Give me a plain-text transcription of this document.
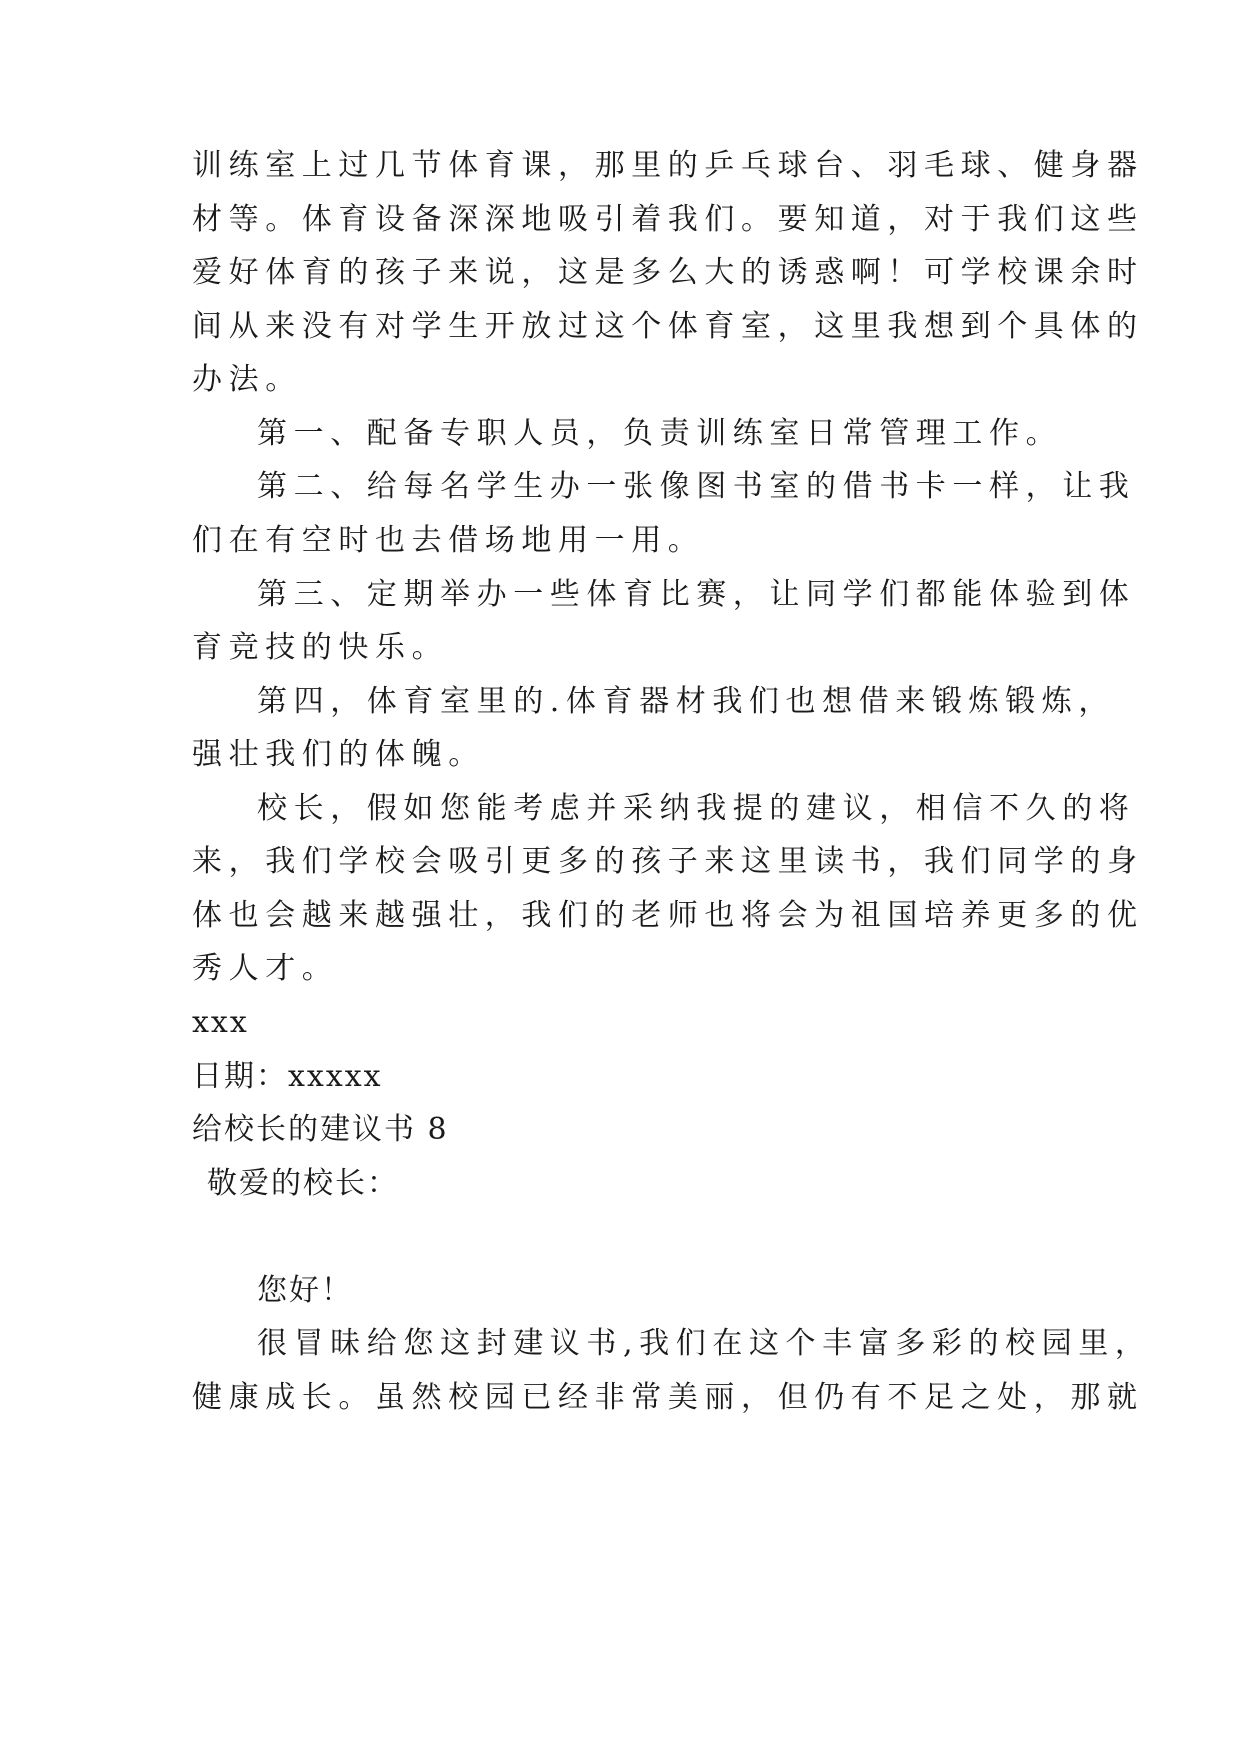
训练室上过几节体育课，那里的乒乓球台、羽毛球、健身器
材等。体育设备深深地吸引着我们。要知道，对于我们这些
爱好体育的孩子来说，这是多么大的诱惑啊！可学校课余时
间从来没有对学生开放过这个体育室，这里我想到个具体的
办法。
第一、配备专职人员，负责训练室日常管理工作。
第二、给每名学生办一张像图书室的借书卡一样，让我
们在有空时也去借场地用一用。
第三、定期举办一些体育比赛，让同学们都能体验到体
育竞技的快乐。
第四，体育室里的.体育器材我们也想借来锻炼锻炼，
强壮我们的体魄。
校长，假如您能考虑并采纳我提的建议，相信不久的将
来，我们学校会吸引更多的孩子来这里读书，我们同学的身
体也会越来越强壮，我们的老师也将会为祖国培养更多的优
秀人才。
xxx
日期：xxxxx
给校长的建议书 8
敬爱的校长：
您好！
很冒昧给您这封建议书,我们在这个丰富多彩的校园里，
健康成长。虽然校园已经非常美丽，但仍有不足之处，那就
